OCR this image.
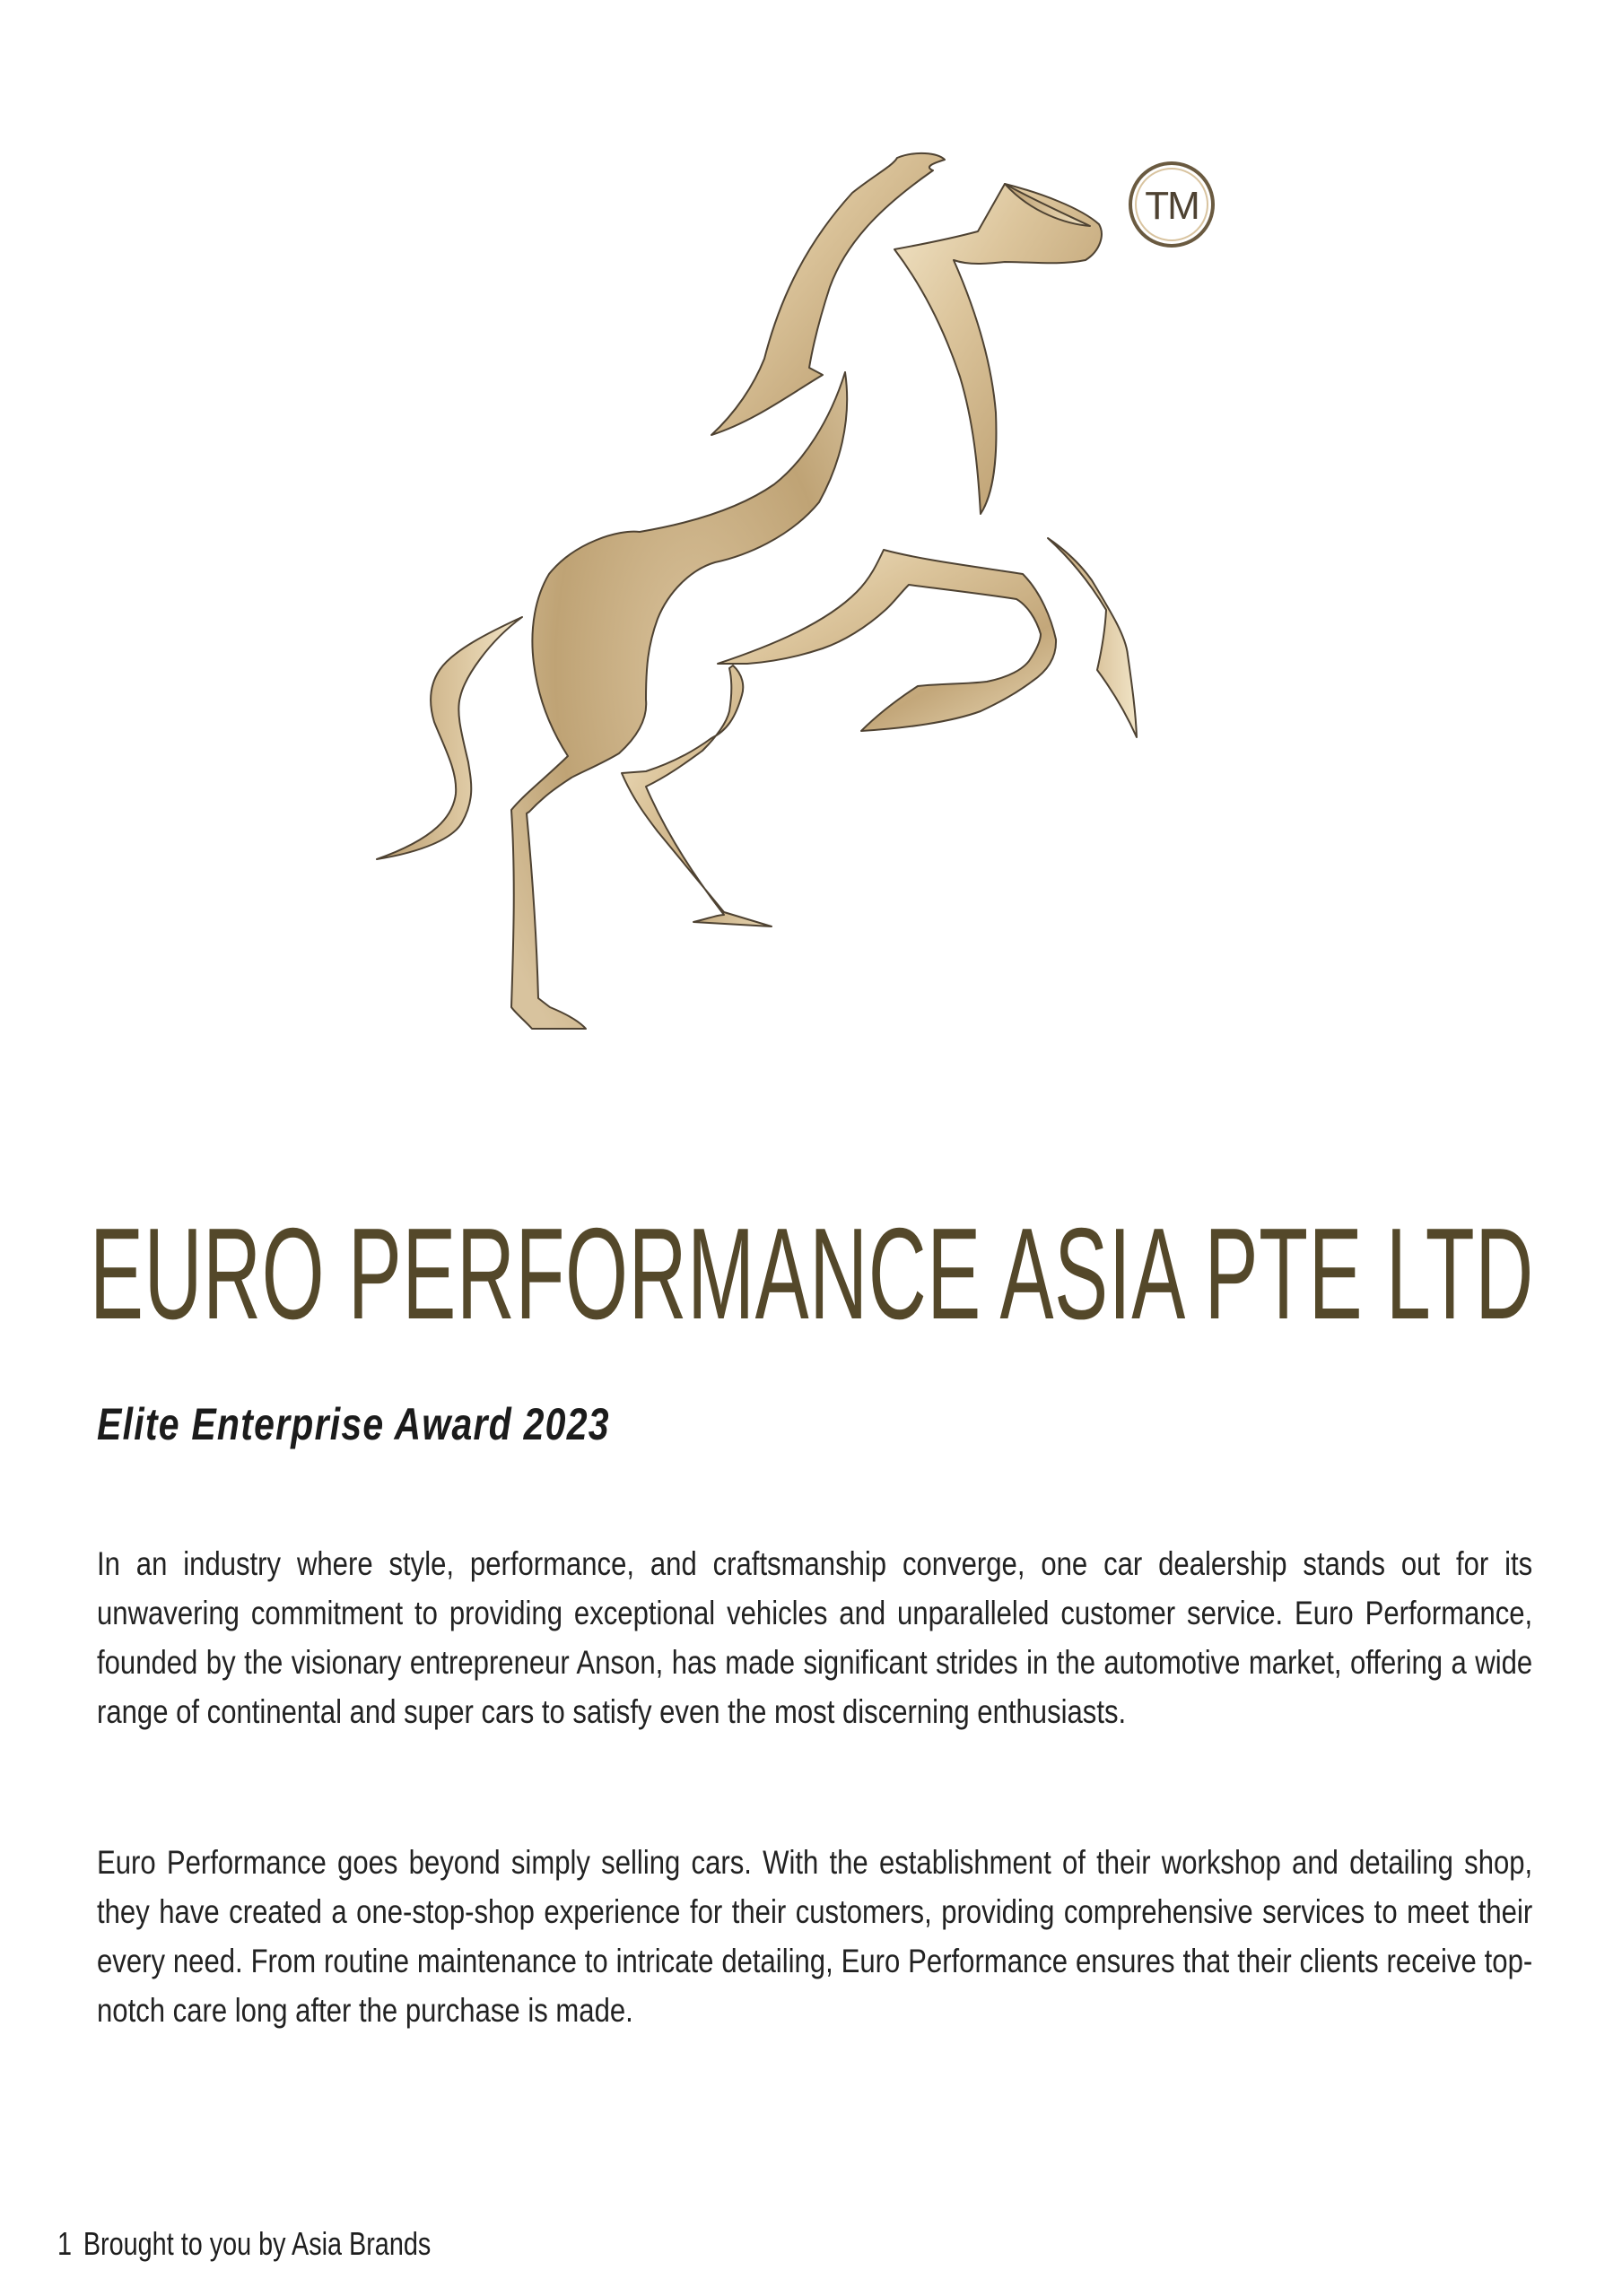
TM
EURO PERFORMANCE ASIA PTE LTD
Elite Enterprise Award 2023

In an industry where style, performance, and craftsmanship converge, one car dealership stands out for its unwavering commitment to providing exceptional vehicles and unparalleled customer service. Euro Performance, founded by the visionary entrepreneur Anson, has made significant strides in the automotive market, offering a wide range of continental and super cars to satisfy even the most discerning enthusiasts.

Euro Performance goes beyond simply selling cars. With the establishment of their workshop and detailing shop, they have created a one-stop-shop experience for their customers, providing comprehensive services to meet their every need. From routine maintenance to intricate detailing, Euro Performance ensures that their clients receive top-notch care long after the purchase is made.

1 Brought to you by Asia Brands
